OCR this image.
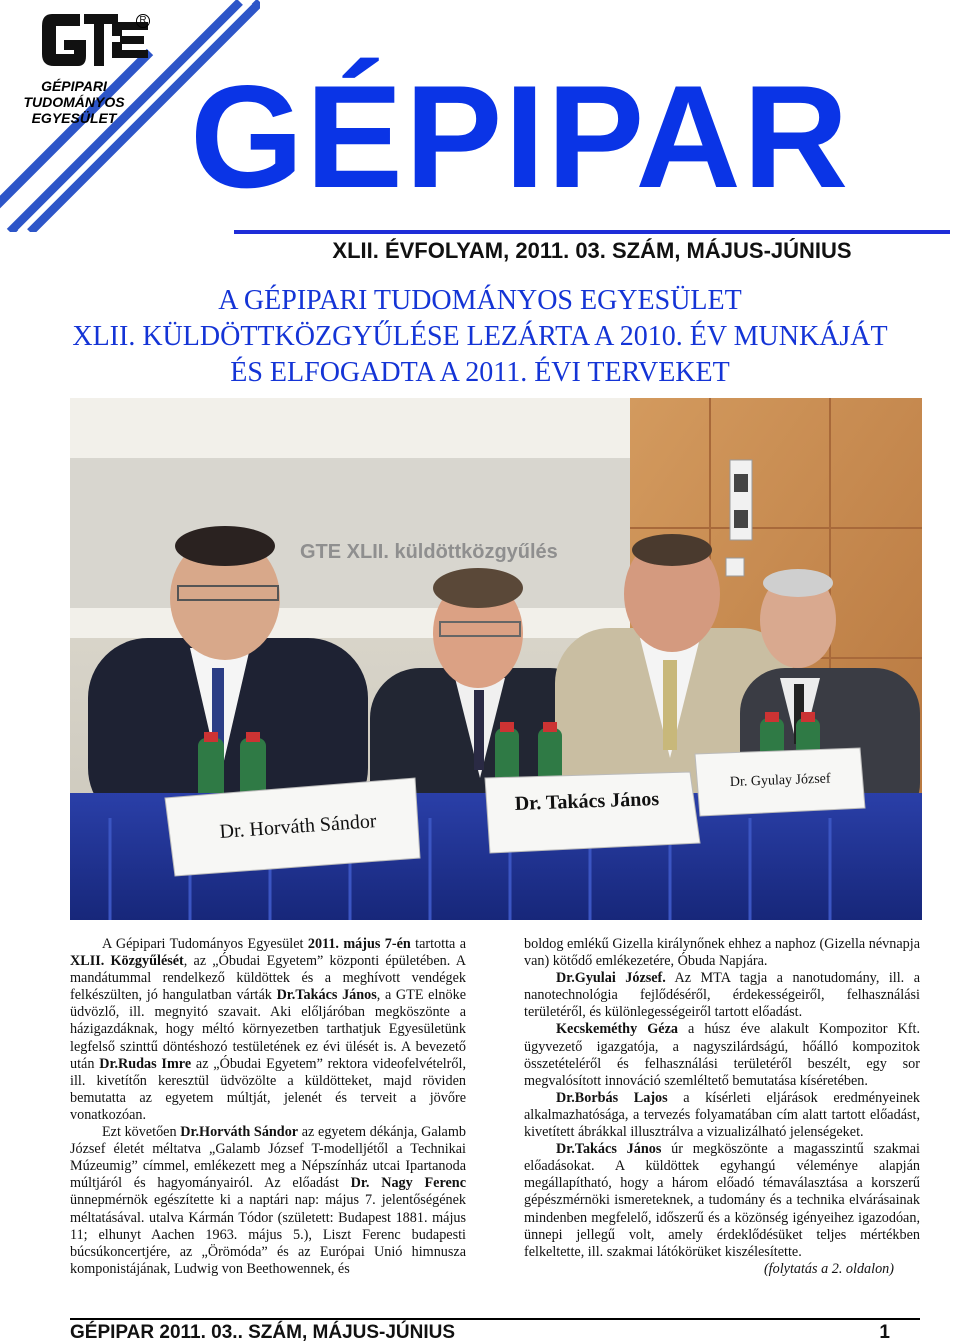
R
GÉPIPARI
TUDOMÁNYOS
EGYESÜLET GÉPIPAR
XLII. ÉVFOLYAM, 2011. 03. SZÁM, MÁJUS-JÚNIUS
A GÉPIPARI TUDOMÁNYOS EGYESÜLET
XLII. KÜLDÖTTKÖZGYŰLÉSE LEZÁRTA A 2010. ÉV MUNKÁJÁT
ÉS ELFOGADTA A 2011. ÉVI TERVEKET
GTE XLII. küldöttközgyűlés
Dr. Horváth Sándor
Dr. Takács János
Dr. Gyulay József

A Gépipari Tudományos Egyesület 2011. május 7-én tartotta a XLII. Közgyűlését, az „Óbudai Egyetem” központi épületében. A mandátummal rendelkező küldöttek és a meghívott vendégek felkészülten, jó hangulatban várták Dr.Takács János, a GTE elnöke üdvözlő, ill. megnyitó szavait. Aki előljáróban megköszönte a házigazdáknak, hogy méltó környezetben tarthatjuk Egyesületünk legfelső szinttű döntéshozó testületének ez évi ülését is. A bevezető után Dr.Rudas Imre az „Óbudai Egyetem” rektora videofelvételről, ill. kivetítőn keresztül üdvözölte a küldötteket, majd röviden bemutatta az egyetem múltját, jelenét és terveit a jövőre vonatkozóan.

Ezt követően Dr.Horváth Sándor az egyetem dékánja, Galamb József életét méltatva „Galamb József T-modelljétől a Technikai Múzeumig” címmel, emlékezett meg a Népszínház utcai Ipartanoda múltjáról és hagyományairól. Az előadást Dr. Nagy Ferenc ünnepmérnök egészítette ki a naptári nap: május 7. jelentőségének méltatásával. utalva Kármán Tódor (született: Budapest 1881. május 11; elhunyt Aachen 1963. május 5.), Liszt Ferenc budapesti búcsúkoncertjére, az „Örömóda” és az Európai Unió himnusza komponistájának, Ludwig von Beethowennek, és

boldog emlékű Gizella királynőnek ehhez a naphoz (Gizella névnapja van) kötődő emlékezetére, Óbuda Napjára.

Dr.Gyulai József. Az MTA tagja a nanotudomány, ill. a nanotechnológia fejlődéséről, érdekességeiről, felhasználási területéről, és különlegességeiről tartott előadást.

Kecskeméthy Géza a húsz éve alakult Kompozitor Kft. ügyvezető igazgatója, a nagyszilárdságú, hőálló kompozitok összetételéről és felhasználási területéről beszélt, egy sor megvalósított innováció szemléltető bemutatása kíséretében.

Dr.Borbás Lajos a kísérleti eljárások eredményeinek alkalmazhatósága, a tervezés folyamatában cím alatt tartott előadást, kivetített ábrákkal illusztrálva a vizualizálható jelenségeket.

Dr.Takács János úr megköszönte a magasszintű szakmai előadásokat. A küldöttek egyhangú véleménye alapján megállapítható, hogy a három előadó témaválasztása a korszerű gépészmérnöki ismereteknek, a tudomány és a technika elvárásainak mindenben megfelelő, időszerű és a közönség igényeihez igazodóan, ünnepi jellegű volt, amely érdeklődésüket teljes mértékben felkeltette, ill. szakmai látókörüket kiszélesítette.

(folytatás a 2. oldalon)

GÉPIPAR 2011. 03.. SZÁM, MÁJUS-JÚNIUS	1
